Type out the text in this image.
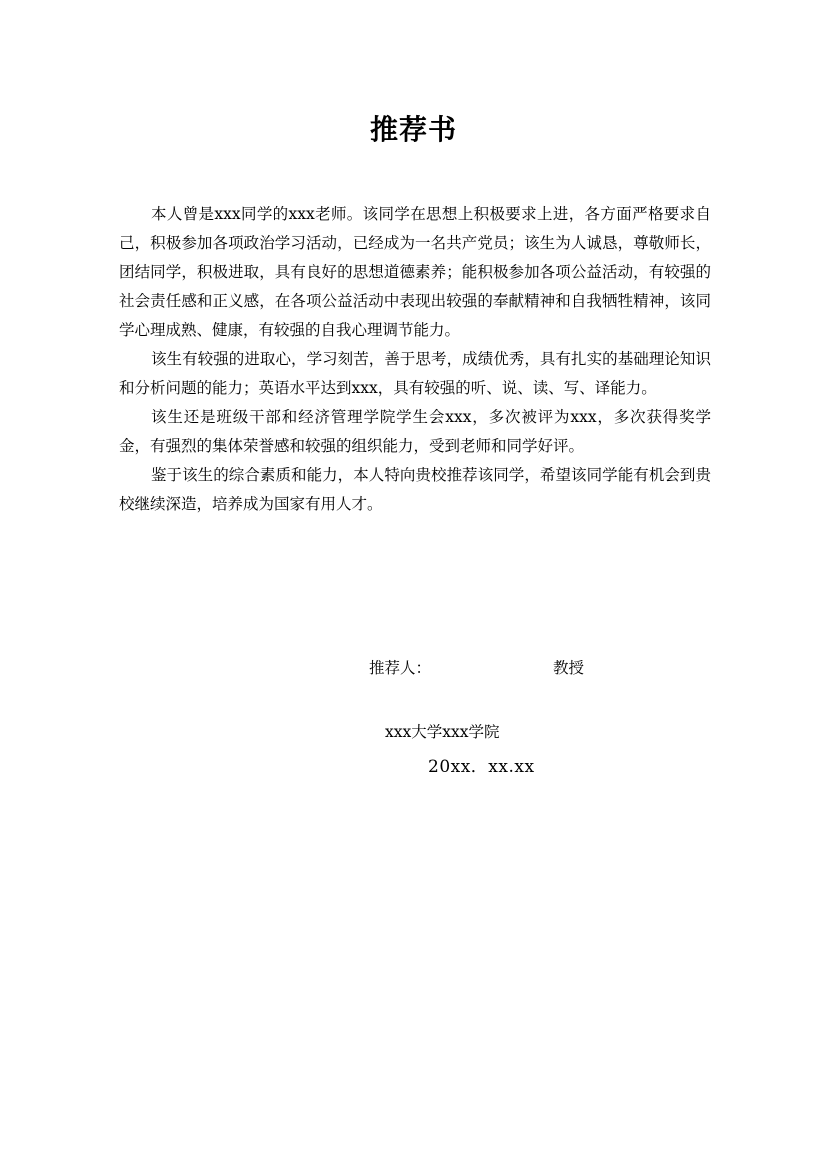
推荐书

本人曾是xxx同学的xxx老师。该同学在思想上积极要求上进，各方面严格要求自己，积极参加各项政治学习活动，已经成为一名共产党员；该生为人诚恳，尊敬师长，团结同学，积极进取，具有良好的思想道德素养；能积极参加各项公益活动，有较强的社会责任感和正义感，在各项公益活动中表现出较强的奉献精神和自我牺牲精神，该同学心理成熟、健康，有较强的自我心理调节能力。

该生有较强的进取心，学习刻苦，善于思考，成绩优秀，具有扎实的基础理论知识和分析问题的能力；英语水平达到xxx，具有较强的听、说、读、写、译能力。

该生还是班级干部和经济管理学院学生会xxx，多次被评为xxx，多次获得奖学金，有强烈的集体荣誉感和较强的组织能力，受到老师和同学好评。

鉴于该生的综合素质和能力，本人特向贵校推荐该同学，希望该同学能有机会到贵校继续深造，培养成为国家有用人才。

推荐人：	教授
xxx大学xxx学院
20xx．xx.xx
